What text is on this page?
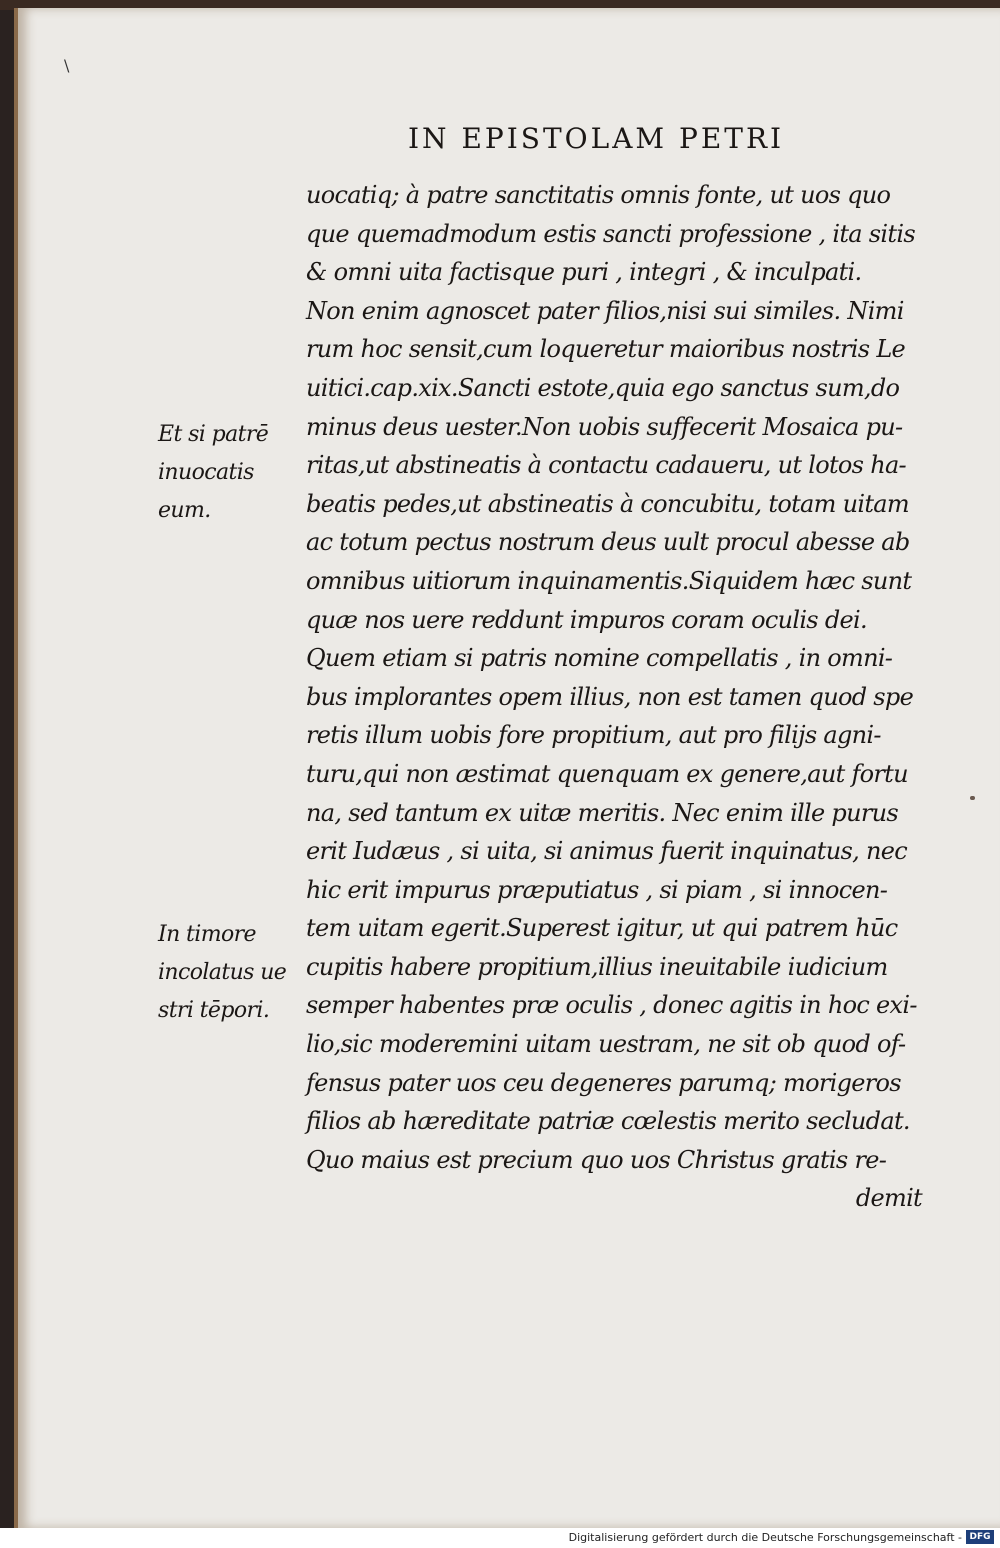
\
IN EPISTOLAM PETRI
uocatiq; à patre sanctitatis omnis fonte, ut uos quo
que quemadmodum estis sancti professione , ita sitis
& omni uita factisque puri , integri , & inculpati.
Non enim agnoscet pater filios,nisi sui similes. Nimi
rum hoc sensit,cum loqueretur maioribus nostris Le
uitici.cap.xix.Sancti estote,quia ego sanctus sum,do
minus deus uester.Non uobis suffecerit Mosaica pu-
ritas,ut abstineatis à contactu cadaueru, ut lotos ha-
beatis pedes,ut abstineatis à concubitu, totam uitam
ac totum pectus nostrum deus uult procul abesse ab
omnibus uitiorum inquinamentis.Siquidem hæc sunt
quæ nos uere reddunt impuros coram oculis dei.
Quem etiam si patris nomine compellatis , in omni-
bus implorantes opem illius, non est tamen quod spe
retis illum uobis fore propitium, aut pro filijs agni-
turu,qui non æstimat quenquam ex genere,aut fortu
na, sed tantum ex uitæ meritis. Nec enim ille purus
erit Iudæus , si uita, si animus fuerit inquinatus, nec
hic erit impurus præputiatus , si piam , si innocen-
tem uitam egerit.Superest igitur, ut qui patrem hūc
cupitis habere propitium,illius ineuitabile iudicium
semper habentes præ oculis , donec agitis in hoc exi-
lio,sic moderemini uitam uestram, ne sit ob quod of-
fensus pater uos ceu degeneres parumq; morigeros
filios ab hæreditate patriæ cœlestis merito secludat.
Quo maius est precium quo uos Christus gratis re-
demit
Et si patrē
inuocatis
eum.
In timore
incolatus ue
stri tēpori.
Digitalisierung gefördert durch die Deutsche Forschungsgemeinschaft - DFG
